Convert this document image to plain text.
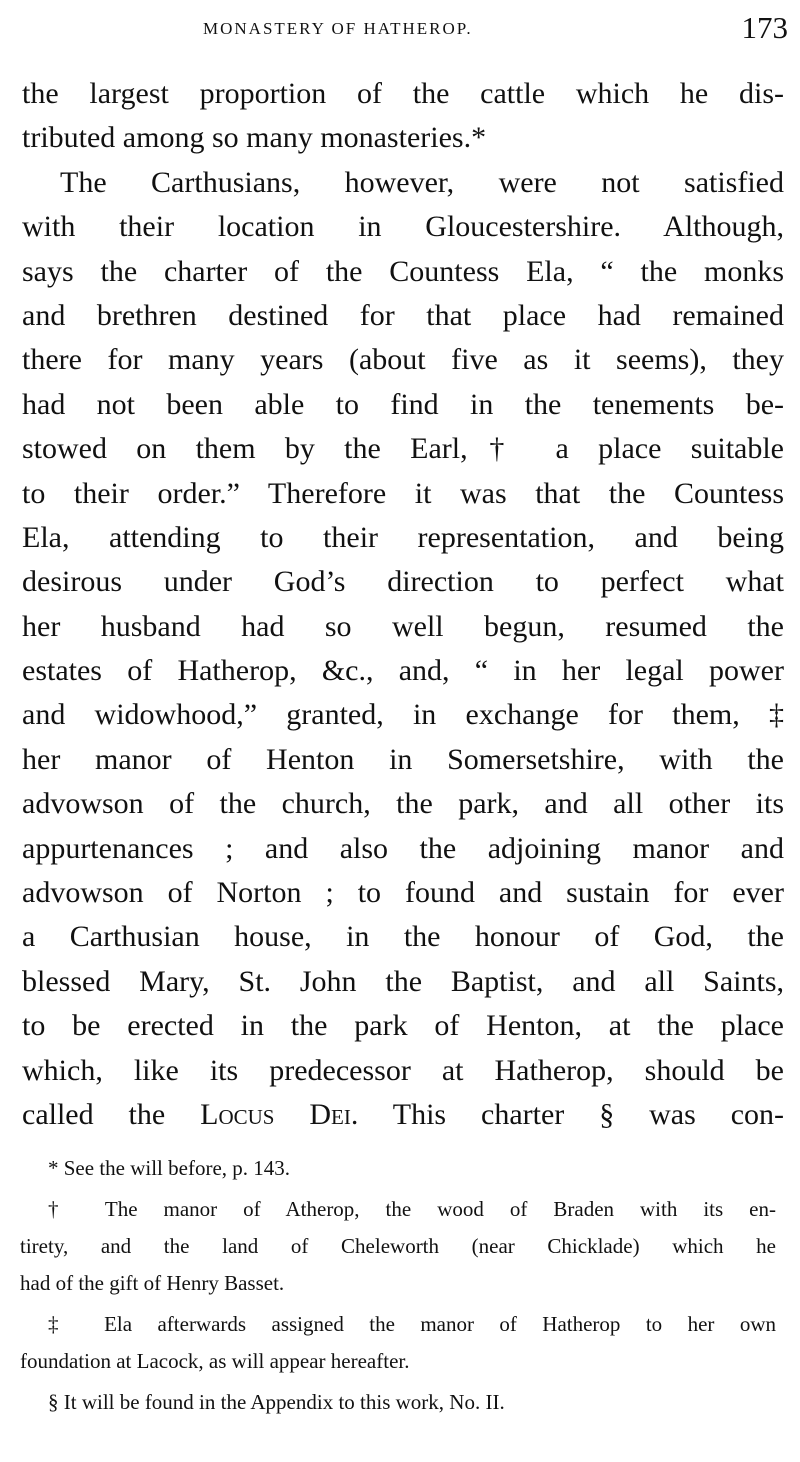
MONASTERY OF HATHEROP.	173
the largest proportion of the cattle which he dis-
tributed among so many monasteries.*
The Carthusians, however, were not satisfied
with their location in Gloucestershire. Although,
says the charter of the Countess Ela, “ the monks
and brethren destined for that place had remained
there for many years (about five as it seems), they
had not been able to find in the tenements be-
stowed on them by the Earl,† a place suitable
to their order.” Therefore it was that the Countess
Ela, attending to their representation, and being
desirous under God’s direction to perfect what
her husband had so well begun, resumed the
estates of Hatherop, &c., and, “ in her legal power
and widowhood,” granted, in exchange for them, ‡
her manor of Henton in Somersetshire, with the
advowson of the church, the park, and all other its
appurtenances ; and also the adjoining manor and
advowson of Norton ; to found and sustain for ever
a Carthusian house, in the honour of God, the
blessed Mary, St. John the Baptist, and all Saints,
to be erected in the park of Henton, at the place
which, like its predecessor at Hatherop, should be
called the Locus Dei. This charter § was con-
* See the will before, p. 143.
† The manor of Atherop, the wood of Braden with its en-
tirety, and the land of Cheleworth (near Chicklade) which he
had of the gift of Henry Basset.
‡ Ela afterwards assigned the manor of Hatherop to her own
foundation at Lacock, as will appear hereafter.
§ It will be found in the Appendix to this work, No. II.
